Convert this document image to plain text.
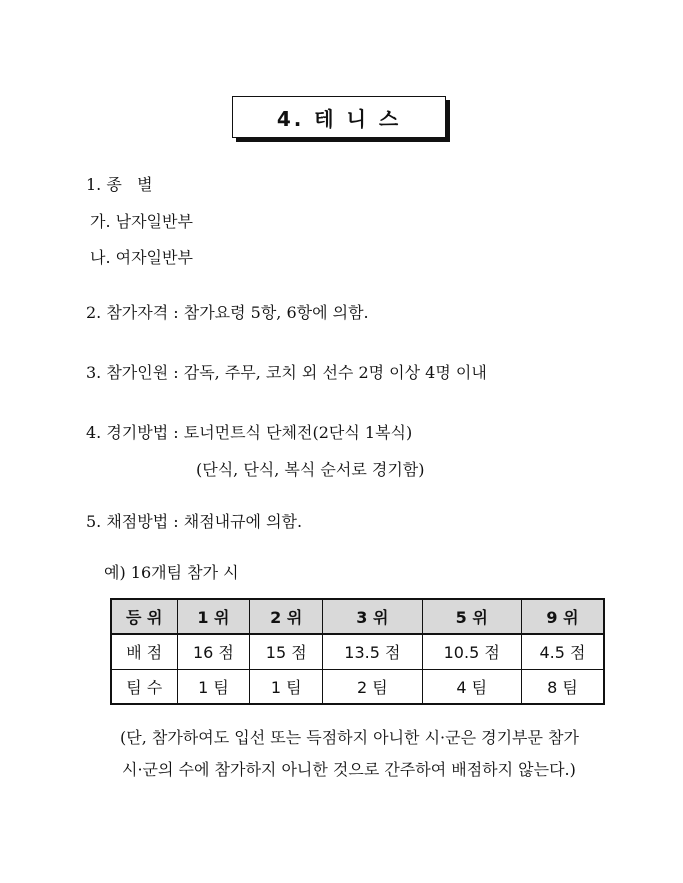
4. 테 니 스
1. 종   별
가. 남자일반부
나. 여자일반부
2. 참가자격 : 참가요령 5항, 6항에 의함.
3. 참가인원 : 감독, 주무, 코치 외 선수 2명 이상 4명 이내
4. 경기방법 : 토너먼트식 단체전(2단식 1복식)
(단식, 단식, 복식 순서로 경기함)
5. 채점방법 : 채점내규에 의함.
예) 16개팀 참가 시
등 위	1 위	2 위	3 위	5 위	9 위
배 점	16 점	15 점	13.5 점	10.5 점	4.5 점
팀 수	1 팀	1 팀	2 팀	4 팀	8 팀
(단, 참가하여도 입선 또는 득점하지 아니한 시·군은 경기부문 참가
시·군의 수에 참가하지 아니한 것으로 간주하여 배점하지 않는다.)
